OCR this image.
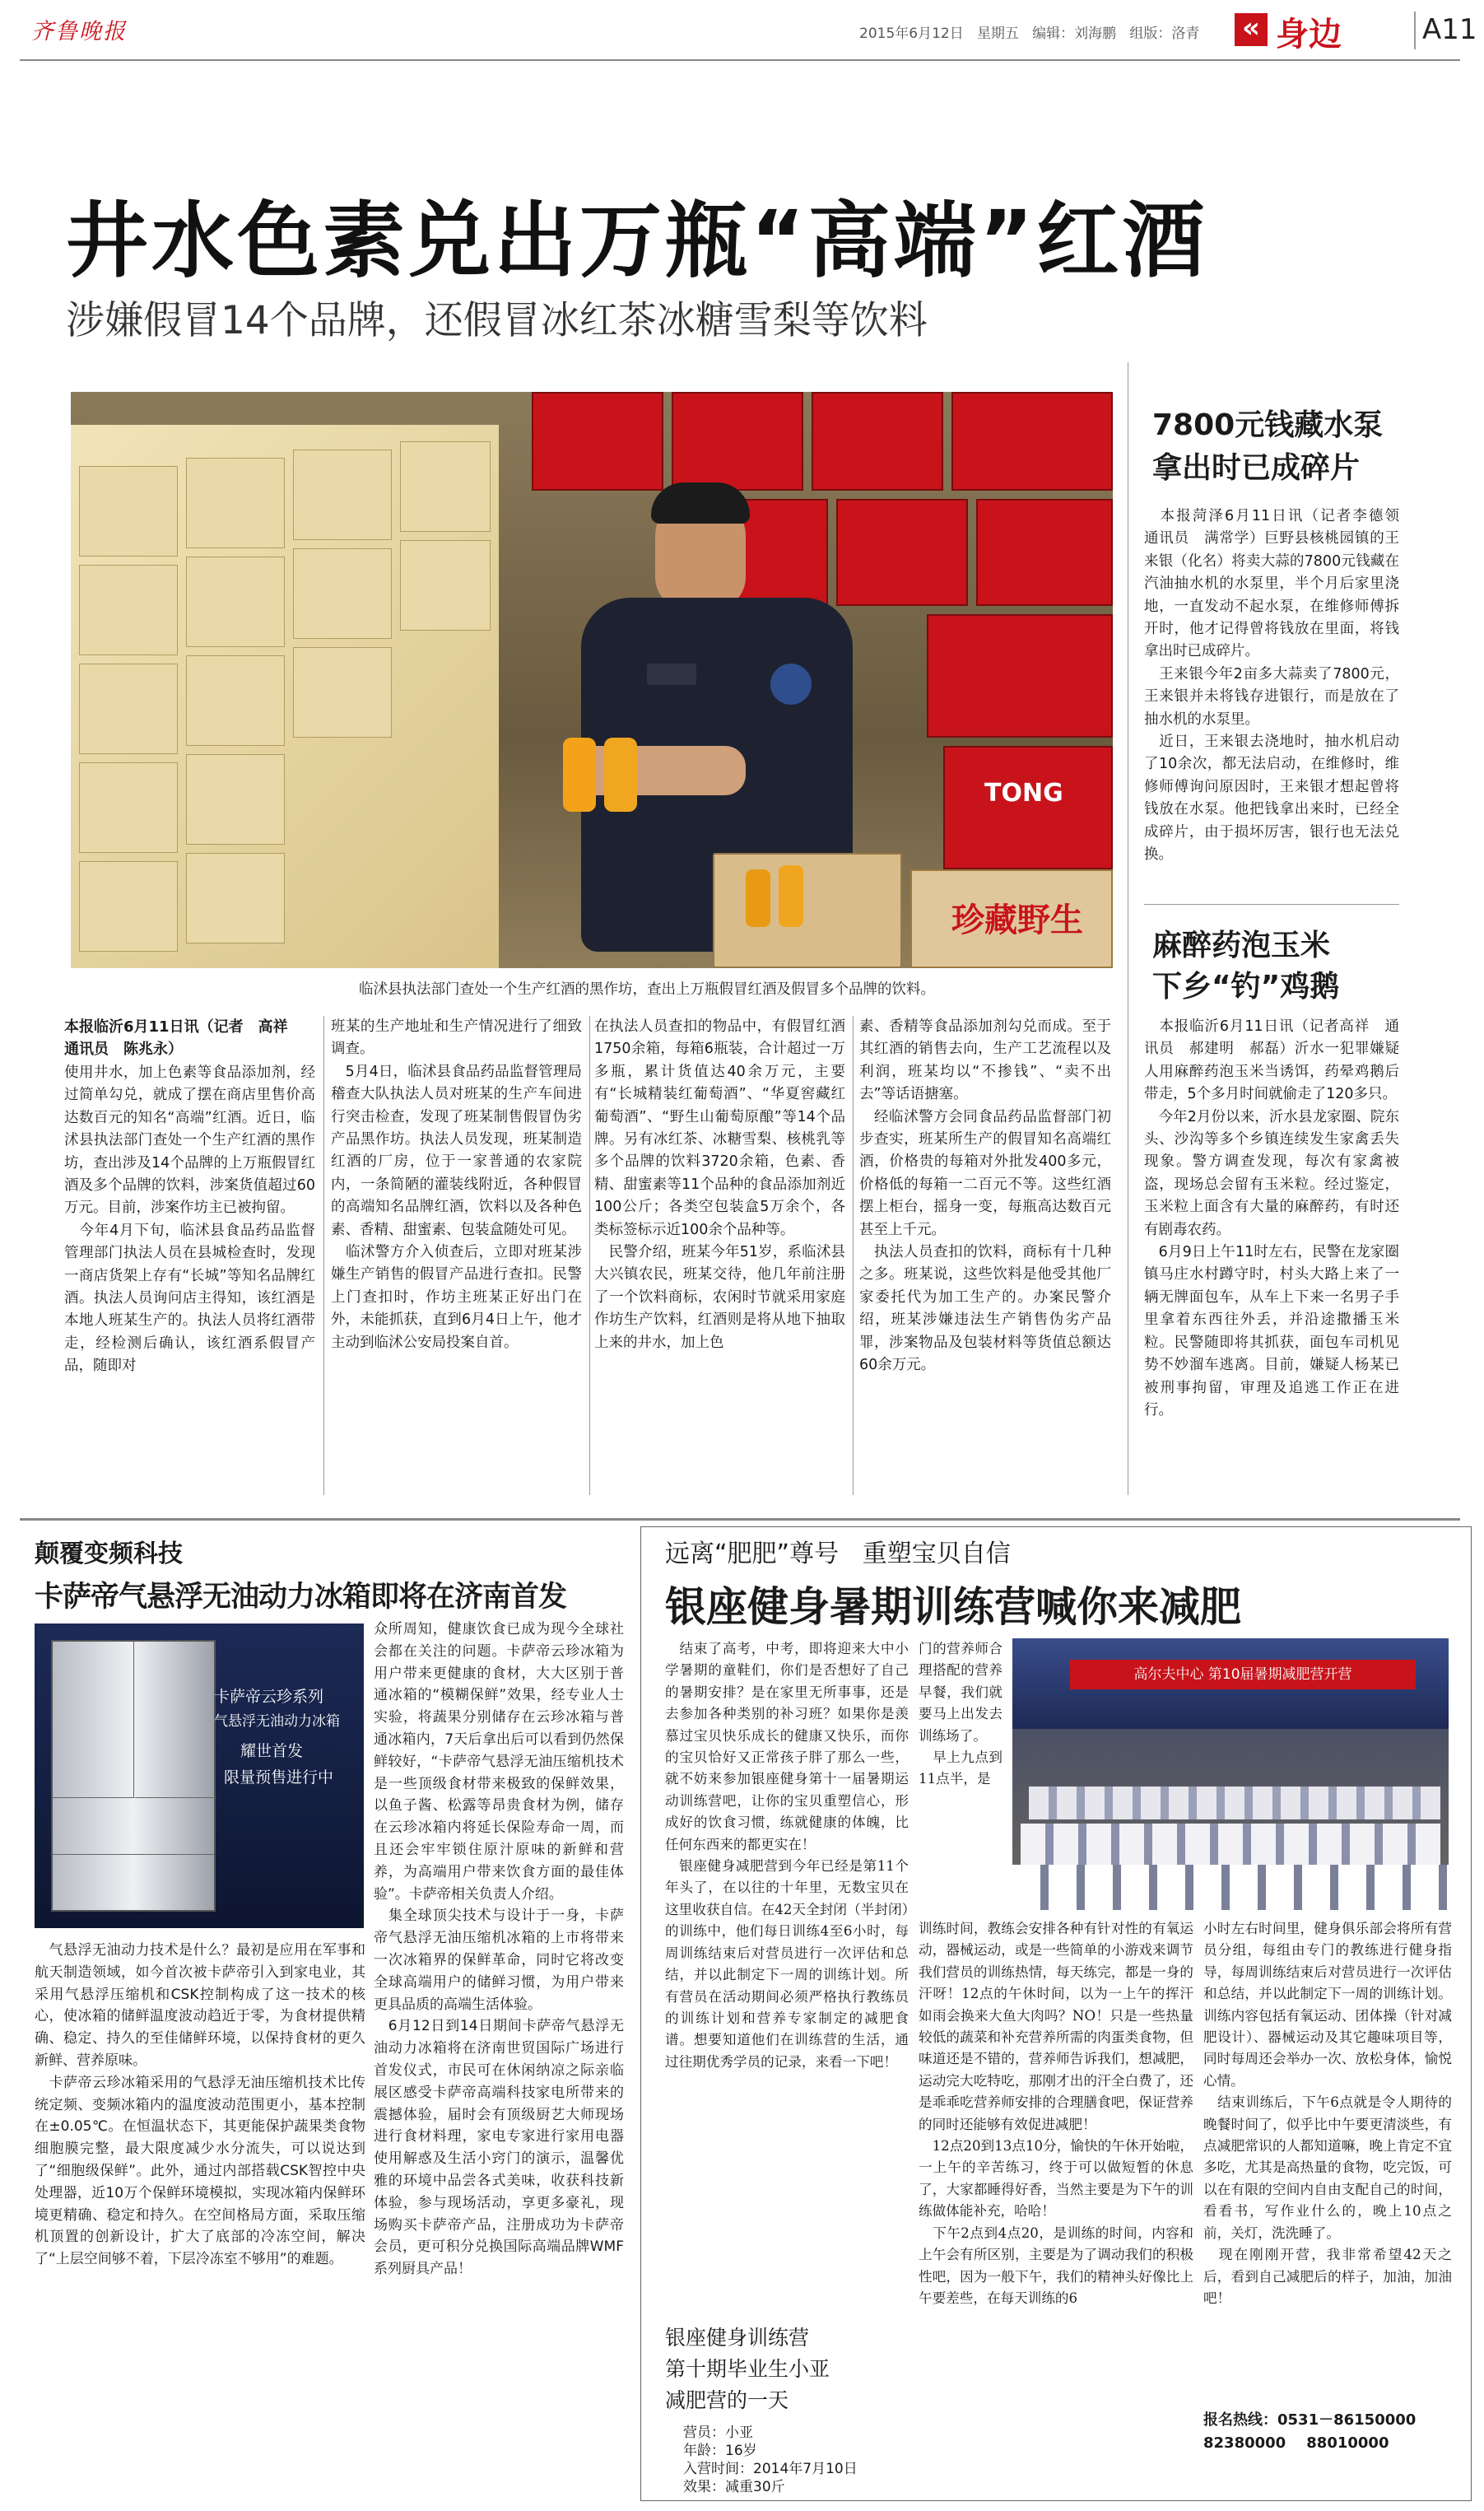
齐鲁晚报	2015年6月12日 星期五 编辑：刘海鹏 组版：洛青 « 身边	A11
井水色素兑出万瓶“高端”红酒
涉嫌假冒14个品牌，还假冒冰红茶冰糖雪梨等饮料
TONG
珍藏野生
临沭县执法部门查处一个生产红酒的黑作坊，查出上万瓶假冒红酒及假冒多个品牌的饮料。
本报临沂6月11日讯（记者　高祥　通讯员　陈兆永）
使用井水，加上色素等食品添加剂，经过简单勾兑，就成了摆在商店里售价高达数百元的知名“高端”红酒。近日，临沭县执法部门查处一个生产红酒的黑作坊，查出涉及14个品牌的上万瓶假冒红酒及多个品牌的饮料，涉案货值超过60万元。目前，涉案作坊主已被拘留。
　今年4月下旬，临沭县食品药品监督管理部门执法人员在县城检查时，发现一商店货架上存有“长城”等知名品牌红酒。执法人员询问店主得知，该红酒是本地人班某生产的。执法人员将红酒带走，经检测后确认，该红酒系假冒产品，随即对
班某的生产地址和生产情况进行了细致调查。
　5月4日，临沭县食品药品监督管理局稽查大队执法人员对班某的生产车间进行突击检查，发现了班某制售假冒伪劣产品黑作坊。执法人员发现，班某制造红酒的厂房，位于一家普通的农家院内，一条简陋的灌装线附近，各种假冒的高端知名品牌红酒，饮料以及各种色素、香精、甜蜜素、包装盒随处可见。
　临沭警方介入侦查后，立即对班某涉嫌生产销售的假冒产品进行查扣。民警上门查扣时，作坊主班某正好出门在外，未能抓获，直到6月4日上午，他才主动到临沭公安局投案自首。
在执法人员查扣的物品中，有假冒红酒1750余箱，每箱6瓶装，合计超过一万多瓶，累计货值达40余万元，主要有“长城精装红葡萄酒”、“华夏窖藏红葡萄酒”、“野生山葡萄原酿”等14个品牌。另有冰红茶、冰糖雪梨、核桃乳等多个品牌的饮料3720余箱，色素、香精、甜蜜素等11个品种的食品添加剂近100公斤；各类空包装盒5万余个，各类标签标示近100余个品种等。
　民警介绍，班某今年51岁，系临沭县大兴镇农民，班某交待，他几年前注册了一个饮料商标，农闲时节就采用家庭作坊生产饮料，红酒则是将从地下抽取上来的井水，加上色
素、香精等食品添加剂勾兑而成。至于其红酒的销售去向，生产工艺流程以及利润，班某均以“不掺钱”、“卖不出去”等话语搪塞。
　经临沭警方会同食品药品监督部门初步查实，班某所生产的假冒知名高端红酒，价格贵的每箱对外批发400多元，价格低的每箱一二百元不等。这些红酒摆上柜台，摇身一变，每瓶高达数百元甚至上千元。
　执法人员查扣的饮料，商标有十几种之多。班某说，这些饮料是他受其他厂家委托代为加工生产的。办案民警介绍，班某涉嫌违法生产销售伪劣产品罪，涉案物品及包装材料等货值总额达60余万元。
7800元钱藏水泵
拿出时已成碎片
　本报菏泽6月11日讯（记者李德领　通讯员　满常学）巨野县核桃园镇的王来银（化名）将卖大蒜的7800元钱藏在汽油抽水机的水泵里，半个月后家里浇地，一直发动不起水泵，在维修师傅拆开时，他才记得曾将钱放在里面，将钱拿出时已成碎片。
　王来银今年2亩多大蒜卖了7800元，王来银并未将钱存进银行，而是放在了抽水机的水泵里。
　近日，王来银去浇地时，抽水机启动了10余次，都无法启动，在维修时，维修师傅询问原因时，王来银才想起曾将钱放在水泵。他把钱拿出来时，已经全成碎片，由于损坏厉害，银行也无法兑换。
麻醉药泡玉米
下乡“钓”鸡鹅
　本报临沂6月11日讯（记者高祥　通讯员　郝建明　郝磊）沂水一犯罪嫌疑人用麻醉药泡玉米当诱饵，药晕鸡鹅后带走，5个多月时间就偷走了120多只。
　今年2月份以来，沂水县龙家圈、院东头、沙沟等多个乡镇连续发生家禽丢失现象。警方调查发现，每次有家禽被盗，现场总会留有玉米粒。经过鉴定，玉米粒上面含有大量的麻醉药，有时还有剧毒农药。
　6月9日上午11时左右，民警在龙家圈镇马庄水村蹲守时，村头大路上来了一辆无牌面包车，从车上下来一名男子手里拿着东西往外丢，并沿途撒播玉米粒。民警随即将其抓获，面包车司机见势不妙溜车逃离。目前，嫌疑人杨某已被刑事拘留，审理及追逃工作正在进行。
颠覆变频科技
卡萨帝气悬浮无油动力冰箱即将在济南首发
卡萨帝云珍系列
气悬浮无油动力冰箱
耀世首发
限量预售进行中
众所周知，健康饮食已成为现今全球社会都在关注的问题。卡萨帝云珍冰箱为用户带来更健康的食材，大大区别于普通冰箱的“模糊保鲜”效果，经专业人士实验，将蔬果分别储存在云珍冰箱与普通冰箱内，7天后拿出后可以看到仍然保鲜较好，“卡萨帝气悬浮无油压缩机技术是一些顶级食材带来极致的保鲜效果，以鱼子酱、松露等昂贵食材为例，储存在云珍冰箱内将延长保险寿命一周，而且还会牢牢锁住原汁原味的新鲜和营养，为高端用户带来饮食方面的最佳体验”。卡萨帝相关负责人介绍。
　集全球顶尖技术与设计于一身，卡萨帝气悬浮无油压缩机冰箱的上市将带来一次冰箱界的保鲜革命，同时它将改变全球高端用户的储鲜习惯，为用户带来更具品质的高端生活体验。
　6月12日到14日期间卡萨帝气悬浮无油动力冰箱将在济南世贸国际广场进行首发仪式，市民可在休闲纳凉之际亲临展区感受卡萨帝高端科技家电所带来的震撼体验，届时会有顶级厨艺大师现场进行食材料理，家电专家进行家用电器使用解惑及生活小窍门的演示，温馨优雅的环境中品尝各式美味，收获科技新体验，参与现场活动，享更多豪礼，现场购买卡萨帝产品，注册成功为卡萨帝会员，更可积分兑换国际高端品牌WMF系列厨具产品！
　气悬浮无油动力技术是什么？最初是应用在军事和航天制造领域，如今首次被卡萨帝引入到家电业，其采用气悬浮压缩机和CSK控制构成了这一技术的核心，使冰箱的储鲜温度波动趋近于零，为食材提供精确、稳定、持久的至佳储鲜环境，以保持食材的更久新鲜、营养原味。
　卡萨帝云珍冰箱采用的气悬浮无油压缩机技术比传统定频、变频冰箱内的温度波动范围更小，基本控制在±0.05℃。在恒温状态下，其更能保护蔬果类食物细胞膜完整，最大限度减少水分流失，可以说达到了“细胞级保鲜”。此外，通过内部搭载CSK智控中央处理器，近10万个保鲜环境模拟，实现冰箱内保鲜环境更精确、稳定和持久。在空间格局方面，采取压缩机顶置的创新设计，扩大了底部的冷冻空间，解决了“上层空间够不着，下层冷冻室不够用”的难题。
远离“肥肥”尊号 重塑宝贝自信
银座健身暑期训练营喊你来减肥
　结束了高考，中考，即将迎来大中小学暑期的童鞋们，你们是否想好了自己的暑期安排？是在家里无所事事，还是去参加各种类别的补习班？如果你是羡慕过宝贝快乐成长的健康又快乐，而你的宝贝恰好又正常孩子胖了那么一些，就不妨来参加银座健身第十一届暑期运动训练营吧，让你的宝贝重塑信心，形成好的饮食习惯，练就健康的体魄，比任何东西来的都更实在！
　银座健身减肥营到今年已经是第11个年头了，在以往的十年里，无数宝贝在这里收获自信。在42天全封闭（半封闭）的训练中，他们每日训练4至6小时，每周训练结束后对营员进行一次评估和总结，并以此制定下一周的训练计划。所有营员在活动期间必须严格执行教练员的训练计划和营养专家制定的减肥食谱。想要知道他们在训练营的生活，通过往期优秀学员的记录，来看一下吧！
银座健身训练营
第十期毕业生小亚
减肥营的一天
营员：小亚
年龄：16岁
入营时间：2014年7月10日
效果：减重30斤
高尔夫中心 第10届暑期减肥营开营
门的营养师合理搭配的营养早餐，我们就要马上出发去训练场了。
　早上九点到11点半，是
训练时间，教练会安排各种有针对性的有氧运动，器械运动，或是一些简单的小游戏来调节我们营员的训练热情，每天练完，都是一身的汗呀！12点的午休时间，以为一上午的挥汗如雨会换来大鱼大肉吗？NO！只是一些热量较低的蔬菜和补充营养所需的肉蛋类食物，但味道还是不错的，营养师告诉我们，想减肥，运动完大吃特吃，那刚才出的汗全白费了，还是乖乖吃营养师安排的合理膳食吧，保证营养的同时还能够有效促进减肥！
　12点20到13点10分，愉快的午休开始啦，一上午的辛苦练习，终于可以做短暂的休息了，大家都睡得好香，当然主要是为下午的训练做体能补充，哈哈！
　下午2点到4点20，是训练的时间，内容和上午会有所区别，主要是为了调动我们的积极性吧，因为一般下午，我们的精神头好像比上午要差些，在每天训练的6
小时左右时间里，健身俱乐部会将所有营员分组，每组由专门的教练进行健身指导，每周训练结束后对营员进行一次评估和总结，并以此制定下一周的训练计划。训练内容包括有氧运动、团体操（针对减肥设计）、器械运动及其它趣味项目等，同时每周还会举办一次、放松身体，愉悦心情。
　结束训练后，下午6点就是令人期待的晚餐时间了，似乎比中午要更清淡些，有点减肥常识的人都知道嘛，晚上肯定不宜多吃，尤其是高热量的食物，吃完饭，可以在有限的空间内自由支配自己的时间，看看书，写作业什么的，晚上10点之前，关灯，洗洗睡了。
　现在刚刚开营，我非常希望42天之后，看到自己减肥后的样子，加油，加油吧！
报名热线：0531－86150000
82380000 88010000
